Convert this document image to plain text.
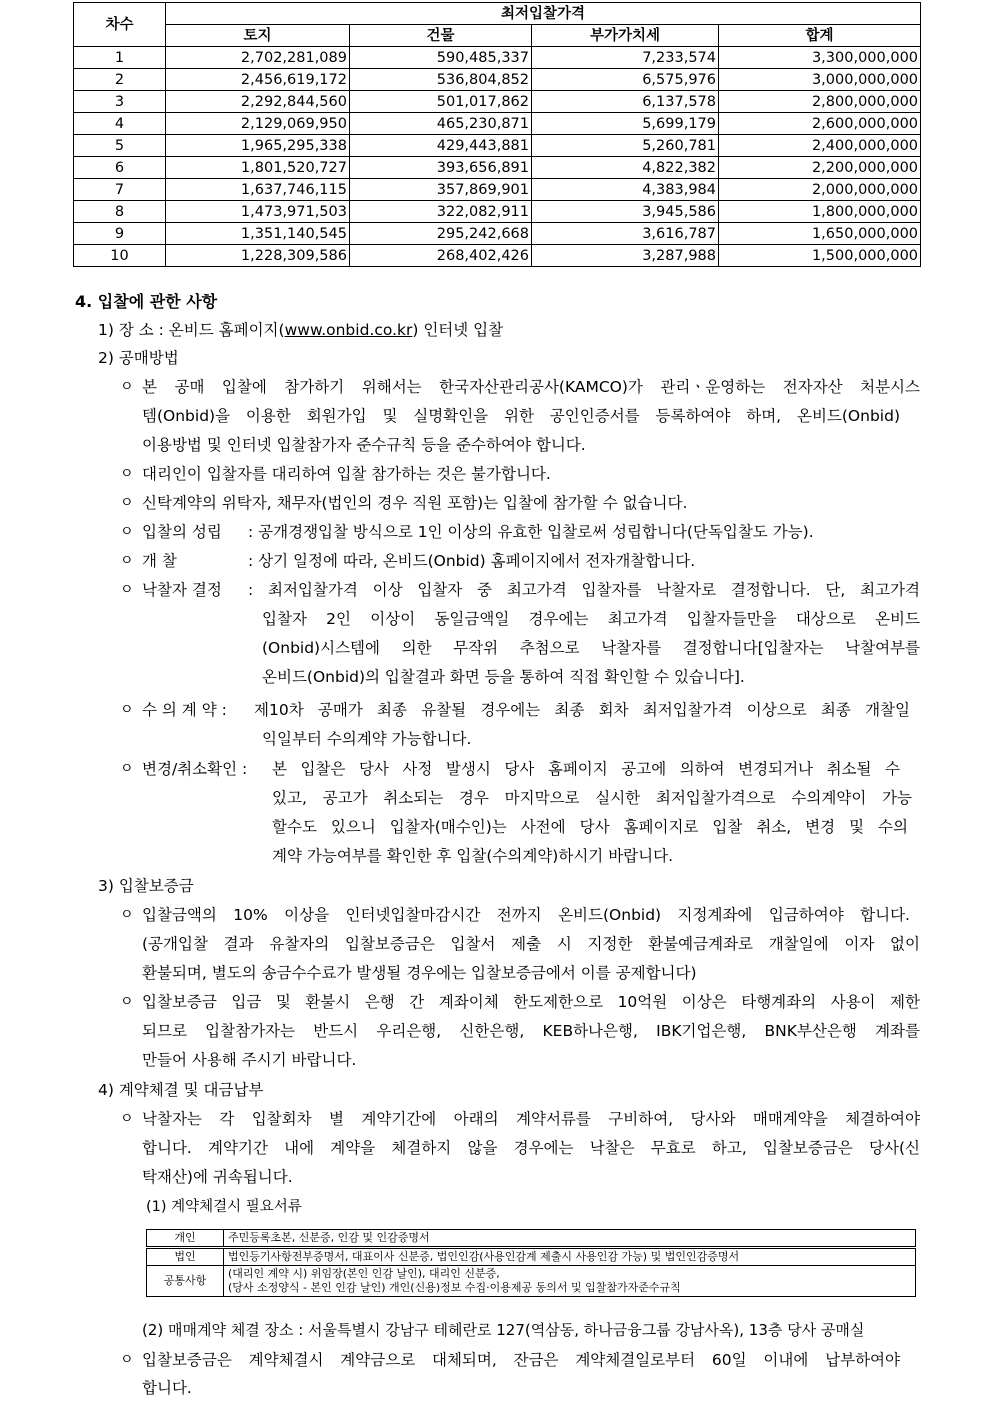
차수	최저입찰가격			
	토지	건물	부가가치세	합계
1	2,702,281,089	590,485,337	7,233,574	3,300,000,000
2	2,456,619,172	536,804,852	6,575,976	3,000,000,000
3	2,292,844,560	501,017,862	6,137,578	2,800,000,000
4	2,129,069,950	465,230,871	5,699,179	2,600,000,000
5	1,965,295,338	429,443,881	5,260,781	2,400,000,000
6	1,801,520,727	393,656,891	4,822,382	2,200,000,000
7	1,637,746,115	357,869,901	4,383,984	2,000,000,000
8	1,473,971,503	322,082,911	3,945,586	1,800,000,000
9	1,351,140,545	295,242,668	3,616,787	1,650,000,000
10	1,228,309,586	268,402,426	3,287,988	1,500,000,000
4. 입찰에 관한 사항
1) 장 소 : 온비드 홈페이지(www.onbid.co.kr) 인터넷 입찰
2) 공매방법
ㅇ 본 공매 입찰에 참가하기 위해서는 한국자산관리공사(KAMCO)가 관리ㆍ운영하는 전자자산 처분시스
템(Onbid)을 이용한 회원가입 및 실명확인을 위한 공인인증서를 등록하여야 하며, 온비드(Onbid)
이용방법 및 인터넷 입찰참가자 준수규칙 등을 준수하여야 합니다.
ㅇ 대리인이 입찰자를 대리하여 입찰 참가하는 것은 불가합니다.
ㅇ 신탁계약의 위탁자, 채무자(법인의 경우 직원 포함)는 입찰에 참가할 수 없습니다.
ㅇ 입찰의 성립 : 공개경쟁입찰 방식으로 1인 이상의 유효한 입찰로써 성립합니다(단독입찰도 가능).
ㅇ 개 찰	: 상기 일정에 따라, 온비드(Onbid) 홈페이지에서 전자개찰합니다.
ㅇ 낙찰자 결정 : 최저입찰가격 이상 입찰자 중 최고가격 입찰자를 낙찰자로 결정합니다. 단, 최고가격
입찰자 2인 이상이 동일금액일 경우에는 최고가격 입찰자들만을 대상으로 온비드
(Onbid)시스템에 의한 무작위 추첨으로 낙찰자를 결정합니다[입찰자는 낙찰여부를
온비드(Onbid)의 입찰결과 화면 등을 통하여 직접 확인할 수 있습니다].
ㅇ 수 의 계 약 : 제10차 공매가 최종 유찰될 경우에는 최종 회차 최저입찰가격 이상으로 최종 개찰일
익일부터 수의계약 가능합니다.
ㅇ 변경/취소확인 : 본 입찰은 당사 사정 발생시 당사 홈페이지 공고에 의하여 변경되거나 취소될 수
있고, 공고가 취소되는 경우 마지막으로 실시한 최저입찰가격으로 수의계약이 가능
할수도 있으니 입찰자(매수인)는 사전에 당사 홈페이지로 입찰 취소, 변경 및 수의
계약 가능여부를 확인한 후 입찰(수의계약)하시기 바랍니다.
3) 입찰보증금
ㅇ 입찰금액의 10% 이상을 인터넷입찰마감시간 전까지 온비드(Onbid) 지정계좌에 입금하여야 합니다.
(공개입찰 결과 유찰자의 입찰보증금은 입찰서 제출 시 지정한 환불예금계좌로 개찰일에 이자 없이
환불되며, 별도의 송금수수료가 발생될 경우에는 입찰보증금에서 이를 공제합니다)
ㅇ 입찰보증금 입금 및 환불시 은행 간 계좌이체 한도제한으로 10억원 이상은 타행계좌의 사용이 제한
되므로 입찰참가자는 반드시 우리은행, 신한은행, KEB하나은행, IBK기업은행, BNK부산은행 계좌를
만들어 사용해 주시기 바랍니다.
4) 계약체결 및 대금납부
ㅇ 낙찰자는 각 입찰회차 별 계약기간에 아래의 계약서류를 구비하여, 당사와 매매계약을 체결하여야
합니다. 계약기간 내에 계약을 체결하지 않을 경우에는 낙찰은 무효로 하고, 입찰보증금은 당사(신
탁재산)에 귀속됩니다.
(1) 계약체결시 필요서류
개인	주민등록초본, 신분증, 인감 및 인감증명서
법인	법인등기사항전부증명서, 대표이사 신분증, 법인인감(사용인감계 제출시 사용인감 가능) 및 법인인감증명서
공통사항	(대리인 계약 시) 위임장(본인 인감 날인), 대리인 신분증,
(당사 소정양식 - 본인 인감 날인) 개인(신용)정보 수집·이용제공 동의서 및 입찰참가자준수규칙
(2) 매매계약 체결 장소 : 서울특별시 강남구 테헤란로 127(역삼동, 하나금융그룹 강남사옥), 13층 당사 공매실
ㅇ 입찰보증금은 계약체결시 계약금으로 대체되며, 잔금은 계약체결일로부터 60일 이내에 납부하여야
합니다.
